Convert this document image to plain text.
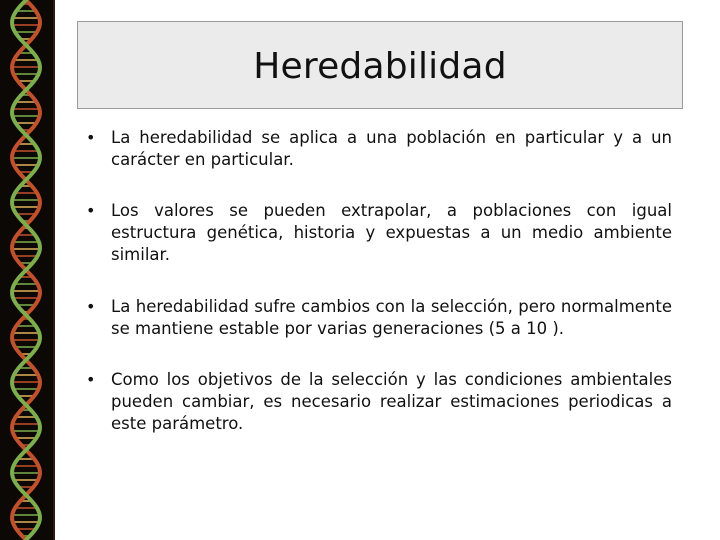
Heredabilidad
• La heredabilidad se aplica a una población en particular y a un carácter en particular.
• Los valores se pueden extrapolar, a poblaciones con igual estructura genética, historia y expuestas a un medio ambiente similar.
• La heredabilidad sufre cambios con la selección, pero normalmente se mantiene estable por varias generaciones (5 a 10 ).
• Como los objetivos de la selección y las condiciones ambientales pueden cambiar, es necesario realizar estimaciones periodicas a este parámetro.
